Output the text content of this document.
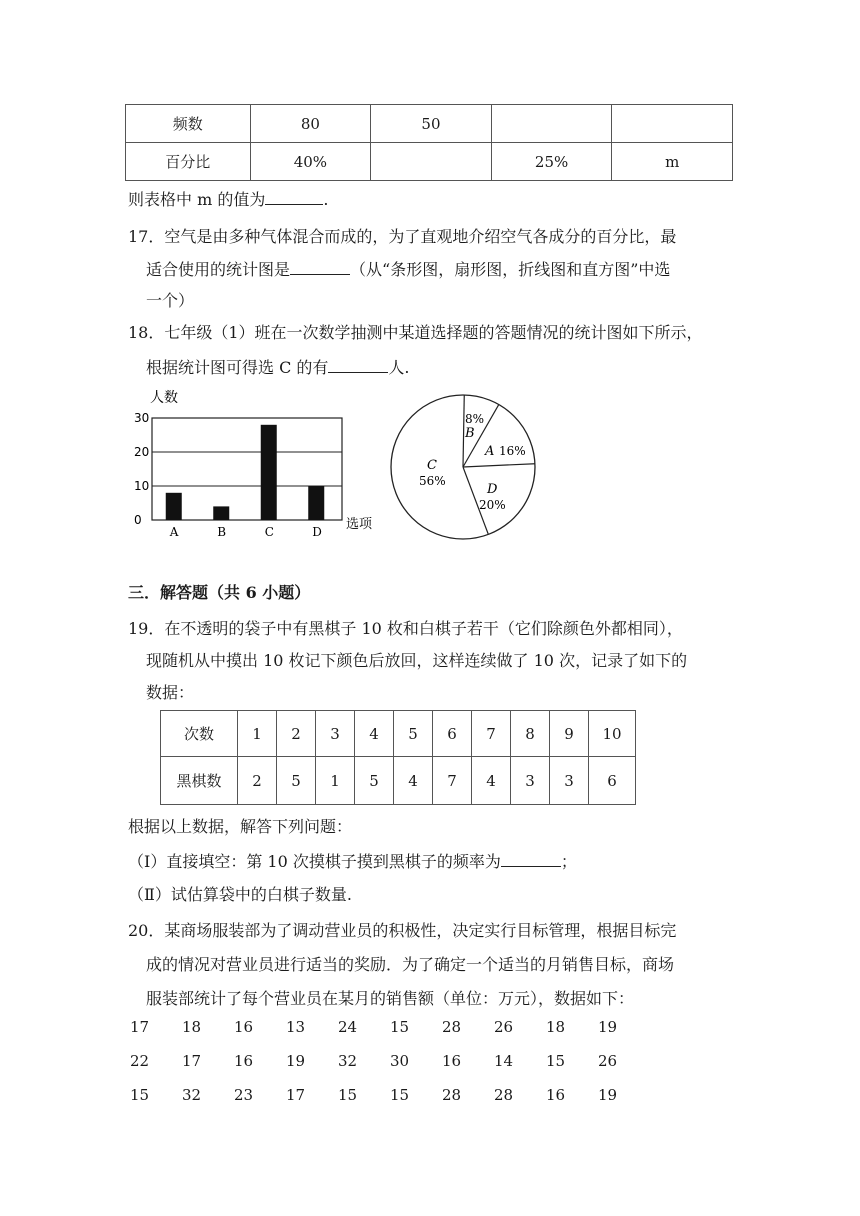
频数	80	50		
百分比	40%		25%	m
则表格中 m 的值为	.
17．空气是由多种气体混合而成的，为了直观地介绍空气各成分的百分比，最
适合使用的统计图是	（从“条形图，扇形图，折线图和直方图”中选
一个）
18．七年级（1）班在一次数学抽测中某道选择题的答题情况的统计图如下所示，
根据统计图可得选 C 的有	人.
人数
0
10
20
30
A	B	C	D 选项
A 16%
8%
B
C
56%
D
20%
三．解答题（共 6 小题）
19．在不透明的袋子中有黑棋子 10 枚和白棋子若干（它们除颜色外都相同），
现随机从中摸出 10 枚记下颜色后放回，这样连续做了 10 次，记录了如下的
数据：
次数	1	2	3	4	5	6	7	8	9	10
黑棋数	2	5	1	5	4	7	4	3	3	6
根据以上数据，解答下列问题：
（I）直接填空：第 10 次摸棋子摸到黑棋子的频率为	；
（Ⅱ）试估算袋中的白棋子数量.
20．某商场服装部为了调动营业员的积极性，决定实行目标管理，根据目标完
成的情况对营业员进行适当的奖励．为了确定一个适当的月销售目标，商场
服装部统计了每个营业员在某月的销售额（单位：万元），数据如下：
17	18	16	13	24	15	28	26	18	19
22	17	16	19	32	30	16	14	15	26
15	32	23	17	15	15	28	28	16	19
